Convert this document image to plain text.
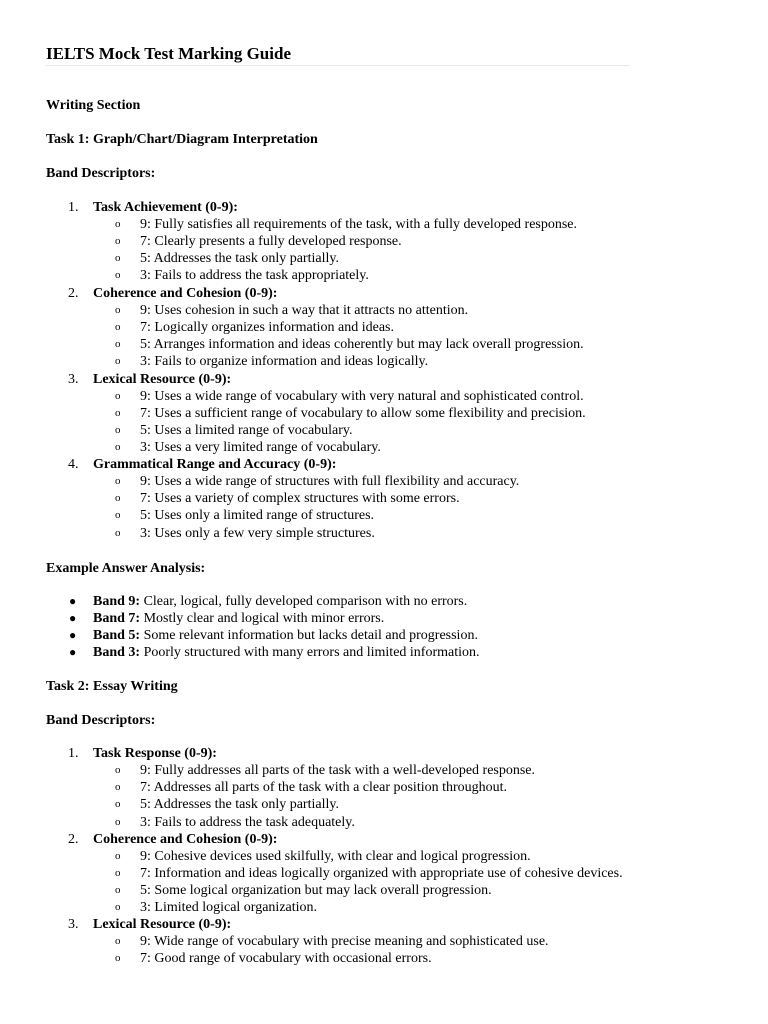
IELTS Mock Test Marking Guide
Writing Section
Task 1: Graph/Chart/Diagram Interpretation
Band Descriptors:
1.	Task Achievement (0-9):
o 9: Fully satisfies all requirements of the task, with a fully developed response.
o 7: Clearly presents a fully developed response.
o 5: Addresses the task only partially.
o 3: Fails to address the task appropriately.
2.	Coherence and Cohesion (0-9):
o 9: Uses cohesion in such a way that it attracts no attention.
o 7: Logically organizes information and ideas.
o 5: Arranges information and ideas coherently but may lack overall progression.
o 3: Fails to organize information and ideas logically.
3.	Lexical Resource (0-9):
o 9: Uses a wide range of vocabulary with very natural and sophisticated control.
o 7: Uses a sufficient range of vocabulary to allow some flexibility and precision.
o 5: Uses a limited range of vocabulary.
o 3: Uses a very limited range of vocabulary.
4.	Grammatical Range and Accuracy (0-9):
o 9: Uses a wide range of structures with full flexibility and accuracy.
o 7: Uses a variety of complex structures with some errors.
o 5: Uses only a limited range of structures.
o 3: Uses only a few very simple structures.
Example Answer Analysis:
● Band 9: Clear, logical, fully developed comparison with no errors.
● Band 7: Mostly clear and logical with minor errors.
● Band 5: Some relevant information but lacks detail and progression.
● Band 3: Poorly structured with many errors and limited information.
Task 2: Essay Writing
Band Descriptors:
1.	Task Response (0-9):
o 9: Fully addresses all parts of the task with a well-developed response.
o 7: Addresses all parts of the task with a clear position throughout.
o 5: Addresses the task only partially.
o 3: Fails to address the task adequately.
2.	Coherence and Cohesion (0-9):
o 9: Cohesive devices used skilfully, with clear and logical progression.
o 7: Information and ideas logically organized with appropriate use of cohesive devices.
o 5: Some logical organization but may lack overall progression.
o 3: Limited logical organization.
3.	Lexical Resource (0-9):
o 9: Wide range of vocabulary with precise meaning and sophisticated use.
o 7: Good range of vocabulary with occasional errors.
